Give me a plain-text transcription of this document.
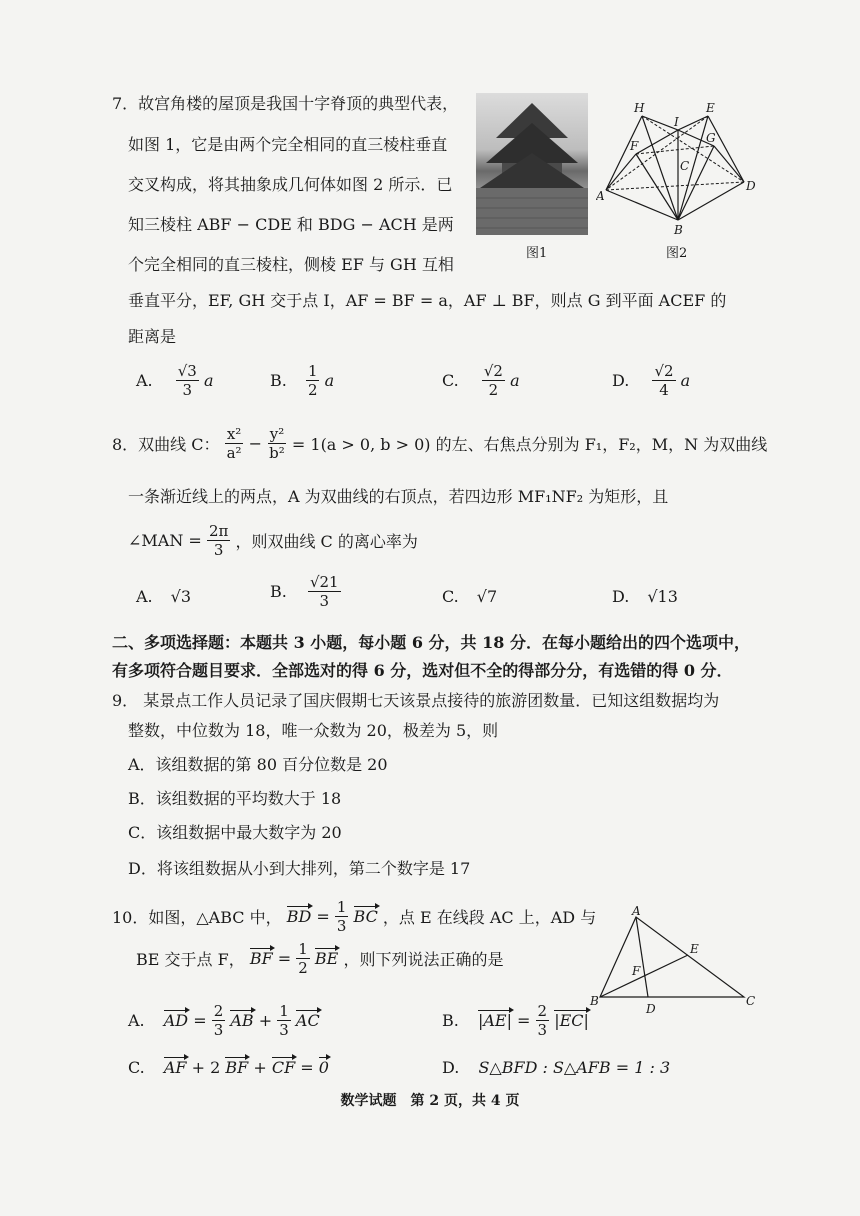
7．故宫角楼的屋顶是我国十字脊顶的典型代表，
如图 1，它是由两个完全相同的直三棱柱垂直
交叉构成，将其抽象成几何体如图 2 所示．已
知三棱柱 ABF − CDE 和 BDG − ACH 是两
个完全相同的直三棱柱，侧棱 EF 与 GH 互相
垂直平分，EF, GH 交于点 I，AF = BF = a，AF ⊥ BF，则点 G 到平面 ACEF 的
距离是
图1
H
I
E
F
G
C
A
D
B
图2
A. $\frac{√3}{3}$ a	B. $\frac{1}{2}$ a	C. $\frac{√2}{2}$ a	D. $\frac{√2}{4}$ a
8．双曲线 C： $\frac{\text{x²}}{\text{a²}} - \frac{\text{y²}}{\text{b²}} = 1(a > 0$, b > 0) 的左、右焦点分别为 F₁，F₂，M，N 为双曲线
一条渐近线上的两点，A 为双曲线的右顶点，若四边形 MF₁NF₂ 为矩形，且
∠MAN = $\frac{2\pi}{3}$ ，则双曲线 C 的离心率为
A. √3	B. $\frac{√21}{3}$	C. √7	D. √13
二、多项选择题：本题共 3 小题，每小题 6 分，共 18 分．在每小题给出的四个选项中，
有多项符合题目要求．全部选对的得 6 分，选对但不全的得部分分，有选错的得 0 分．
9． 某景点工作人员记录了国庆假期七天该景点接待的旅游团数量．已知这组数据均为
整数，中位数为 18，唯一众数为 20，极差为 5，则
A．该组数据的第 80 百分位数是 20
B．该组数据的平均数大于 18
C．该组数据中最大数字为 20
D．将该组数据从小到大排列，第二个数字是 17
10．如图，△ABC 中， BD = $\frac{1}{3}$ BC ，点 E 在线段 AC 上，AD 与
BE 交于点 F， BF = $\frac{1}{2}$ BE ，则下列说法正确的是
A
B	C
D
E
F
A. AD = $\frac{2}{3}$ AB + $\frac{1}{3}$ AC	B. $|AE| = \frac{2}{3} |EC|$
C. AF + 2 BF + CF = 0	D. S△BFD : S△AFB = 1 : 3
数学试题　第 2 页，共 4 页
